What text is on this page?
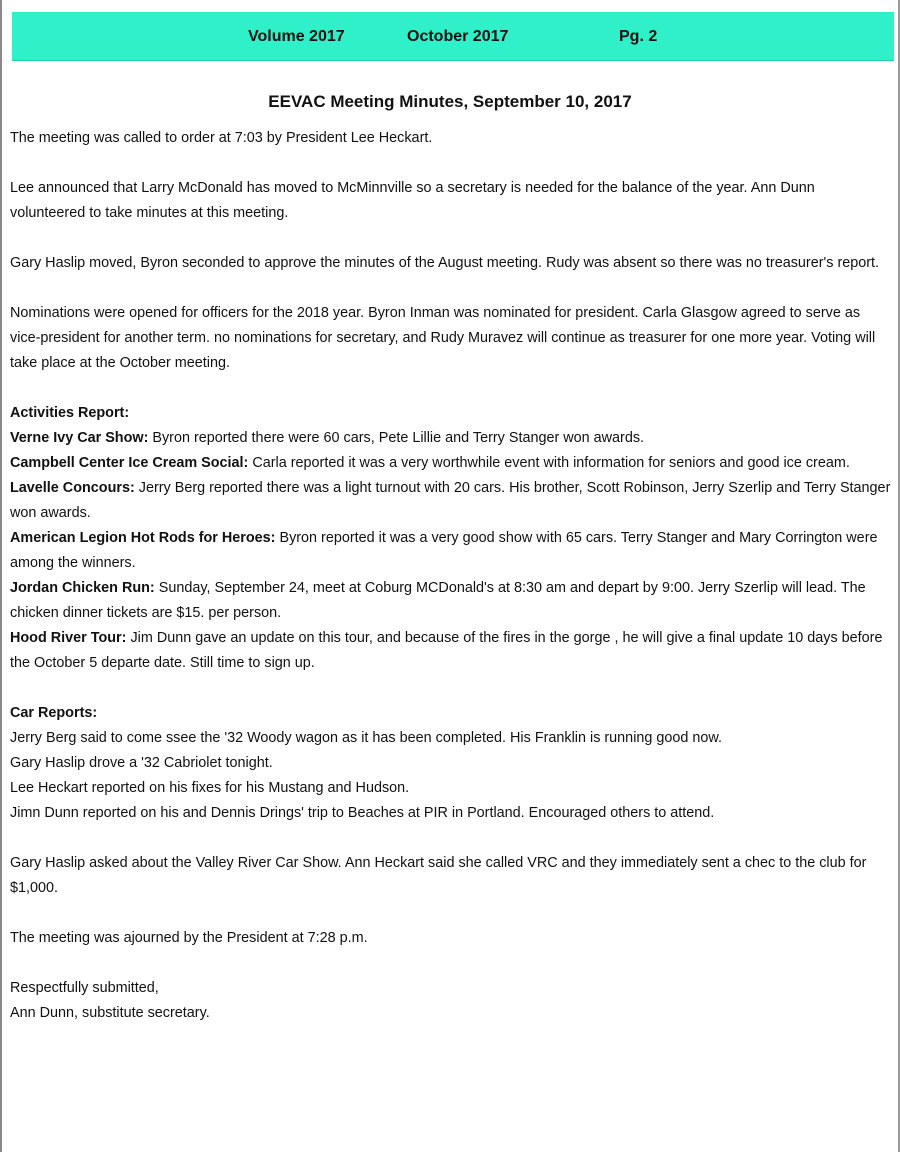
Volume 2017	October 2017	Pg. 2
EEVAC Meeting Minutes, September 10, 2017

The meeting was called to order at 7:03 by President Lee Heckart.

Lee announced that Larry McDonald has moved to McMinnville so a secretary is needed for the balance of the year. Ann Dunn volunteered to take minutes at this meeting.

Gary Haslip moved, Byron seconded to approve the minutes of the August meeting. Rudy was absent so there was no treasurer's report.

Nominations were opened for officers for the 2018 year. Byron Inman was nominated for president. Carla Glasgow agreed to serve as vice-president for another term. no nominations for secretary, and Rudy Muravez will continue as treasurer for one more year. Voting will take place at the October meeting.

Activities Report:

Verne Ivy Car Show: Byron reported there were 60 cars, Pete Lillie and Terry Stanger won awards.

Campbell Center Ice Cream Social: Carla reported it was a very worthwhile event with information for seniors and good ice cream.

Lavelle Concours: Jerry Berg reported there was a light turnout with 20 cars. His brother, Scott Robinson, Jerry Szerlip and Terry Stanger won awards.

American Legion Hot Rods for Heroes: Byron reported it was a very good show with 65 cars. Terry Stanger and Mary Corrington were among the winners.

Jordan Chicken Run: Sunday, September 24, meet at Coburg MCDonald's at 8:30 am and depart by 9:00. Jerry Szerlip will lead. The chicken dinner tickets are $15. per person.

Hood River Tour: Jim Dunn gave an update on this tour, and because of the fires in the gorge , he will give a final update 10 days before the October 5 departe date. Still time to sign up.

Car Reports:

Jerry Berg said to come ssee the '32 Woody wagon as it has been completed. His Franklin is running good now.

Gary Haslip drove a '32 Cabriolet tonight.

Lee Heckart reported on his fixes for his Mustang and Hudson.

Jimn Dunn reported on his and Dennis Drings' trip to Beaches at PIR in Portland. Encouraged others to attend.

Gary Haslip asked about the Valley River Car Show. Ann Heckart said she called VRC and they immediately sent a chec to the club for $1,000.

The meeting was ajourned by the President at 7:28 p.m.

Respectfully submitted,

Ann Dunn, substitute secretary.
